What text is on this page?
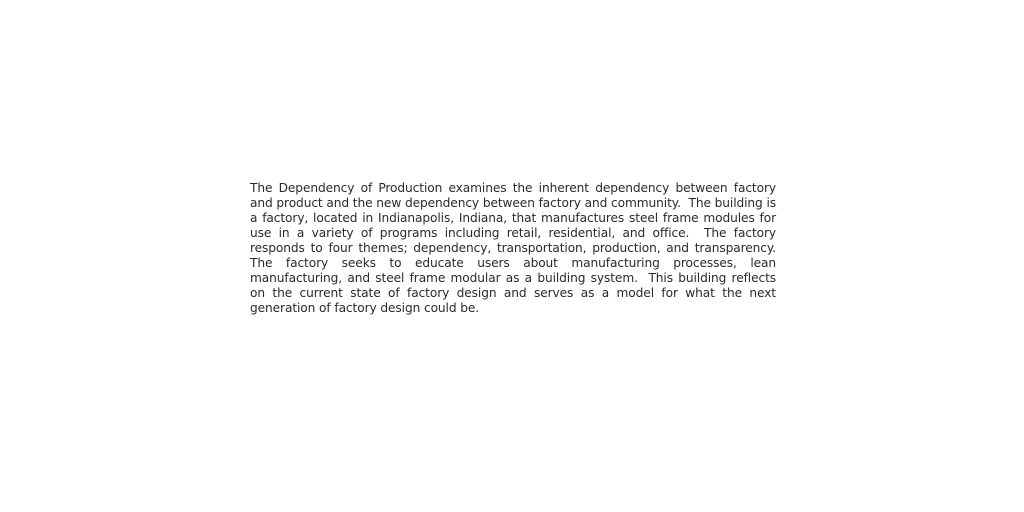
The Dependency of Production examines the inherent dependency between factory and product and the new dependency between factory and community.  The building is a factory, located in Indianapolis, Indiana, that manufactures steel frame modules for use in a variety of programs including retail, residential, and office.  The factory responds to four themes; dependency, transportation, production, and transparency.  The factory seeks to educate users about manufacturing processes, lean manufacturing, and steel frame modular as a building system.  This building reflects on the current state of factory design and serves as a model for what the next generation of factory design could be.
